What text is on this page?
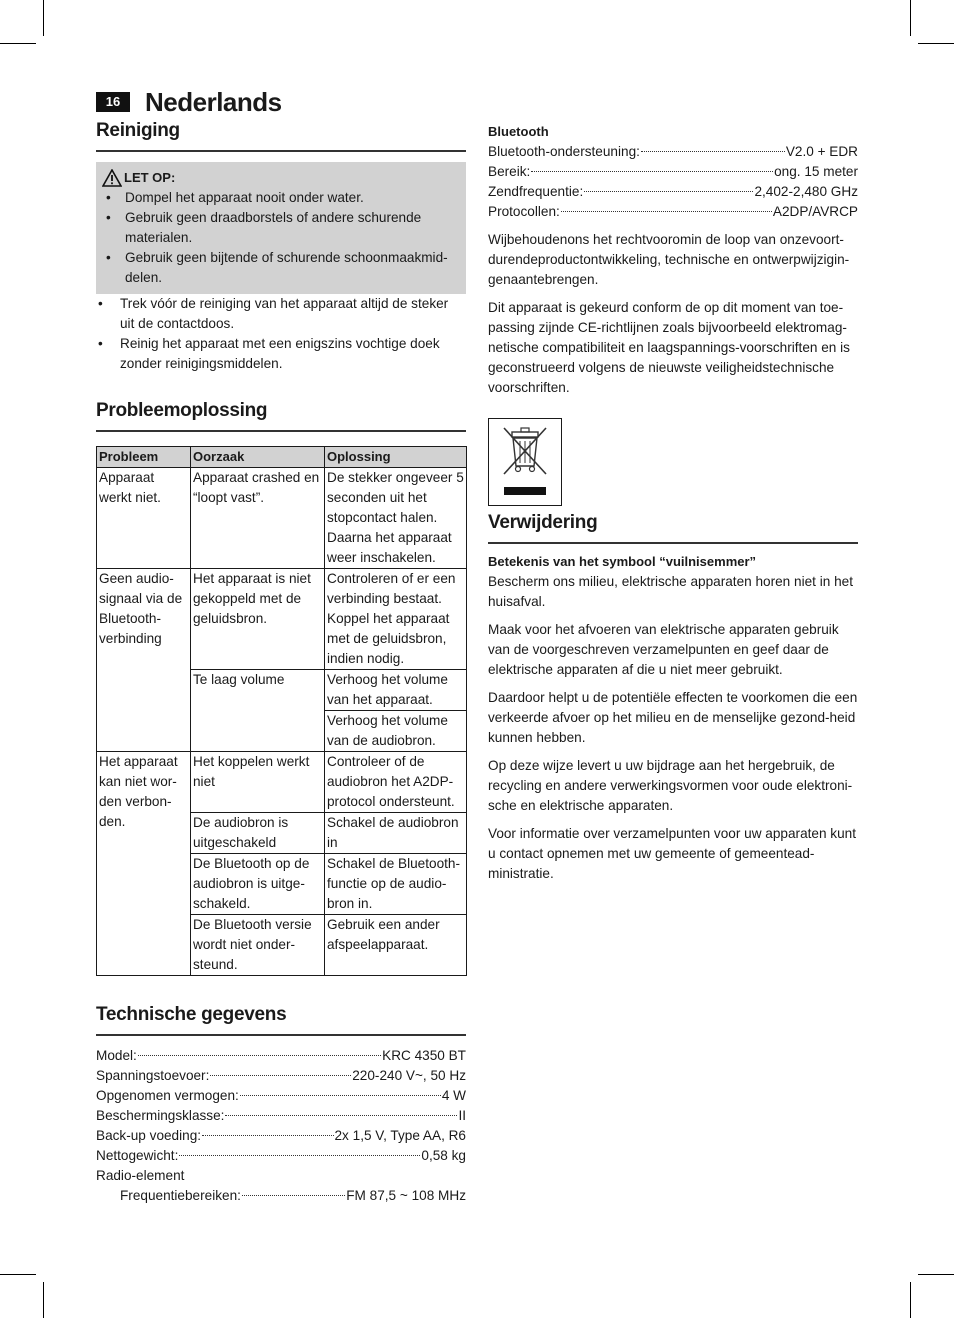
16 Nederlands
Reiniging
LET OP:
• Dompel het apparaat nooit onder water.
• Gebruik geen draadborstels of andere schurende materialen.
• Gebruik geen bijtende of schurende schoonmaakmid-delen.
• Trek vóór de reiniging van het apparaat altijd de steker uit de contactdoos.
• Reinig het apparaat met een enigszins vochtige doek zonder reinigingsmiddelen.
Probleemoplossing
Probleem	Oorzaak	Oplossing
Apparaat werkt niet.	Apparaat crashed en “loopt vast”.	De stekker ongeveer 5 seconden uit het stopcontact halen. Daarna het apparaat weer inschakelen.
Geen audio-signaal via de Bluetooth-verbinding	Het apparaat is niet gekoppeld met de geluidsbron.	Controleren of er een verbinding bestaat. Koppel het apparaat met de geluidsbron, indien nodig.
	Te laag volume	Verhoog het volume van het apparaat.
		Verhoog het volume van de audiobron.
Het apparaat kan niet wor-den verbon-den.	Het koppelen werkt niet	Controleer of de audiobron het A2DP-protocol ondersteunt.
	De audiobron is uitgeschakeld	Schakel de audiobron in
	De Bluetooth op de audiobron is uitge-schakeld.	Schakel de Bluetooth-functie op de audio-bron in.
	De Bluetooth versie wordt niet onder-steund.	Gebruik een ander afspeelapparaat.
Technische gegevens
Model:	KRC 4350 BT
Spanningstoevoer:	220-240 V~, 50 Hz
Opgenomen vermogen:	4 W
Beschermingsklasse:	II
Back-up voeding:	2x 1,5 V, Type AA, R6
Nettogewicht:	0,58 kg
Radio-element
Frequentiebereiken:	FM 87,5 ~ 108 MHz
Bluetooth
Bluetooth-ondersteuning:	V2.0 + EDR
Bereik:	ong. 15 meter
Zendfrequentie:	2,402-2,480 GHz
Protocollen:	A2DP/AVRCP

Wijbehoudenons het rechtvooromin de loop van onzevoort-durendeproductontwikkeling, technische en ontwerpwijzigin-genaantebrengen.

Dit apparaat is gekeurd conform de op dit moment van toe-passing zijnde CE-richtlijnen zoals bijvoorbeeld elektromag-netische compatibiliteit en laagspannings-voorschriften en is geconstrueerd volgens de nieuwste veiligheidstechnische voorschriften.

Verwijdering
Betekenis van het symbool “vuilnisemmer”

Bescherm ons milieu, elektrische apparaten horen niet in het huisafval.

Maak voor het afvoeren van elektrische apparaten gebruik van de voorgeschreven verzamelpunten en geef daar de elektrische apparaten af die u niet meer gebruikt.

Daardoor helpt u de potentiële effecten te voorkomen die een verkeerde afvoer op het milieu en de menselijke gezond-heid kunnen hebben.

Op deze wijze levert u uw bijdrage aan het hergebruik, de recycling en andere verwerkingsvormen voor oude elektroni-sche en elektrische apparaten.

Voor informatie over verzamelpunten voor uw apparaten kunt u contact opnemen met uw gemeente of gemeentead-ministratie.
